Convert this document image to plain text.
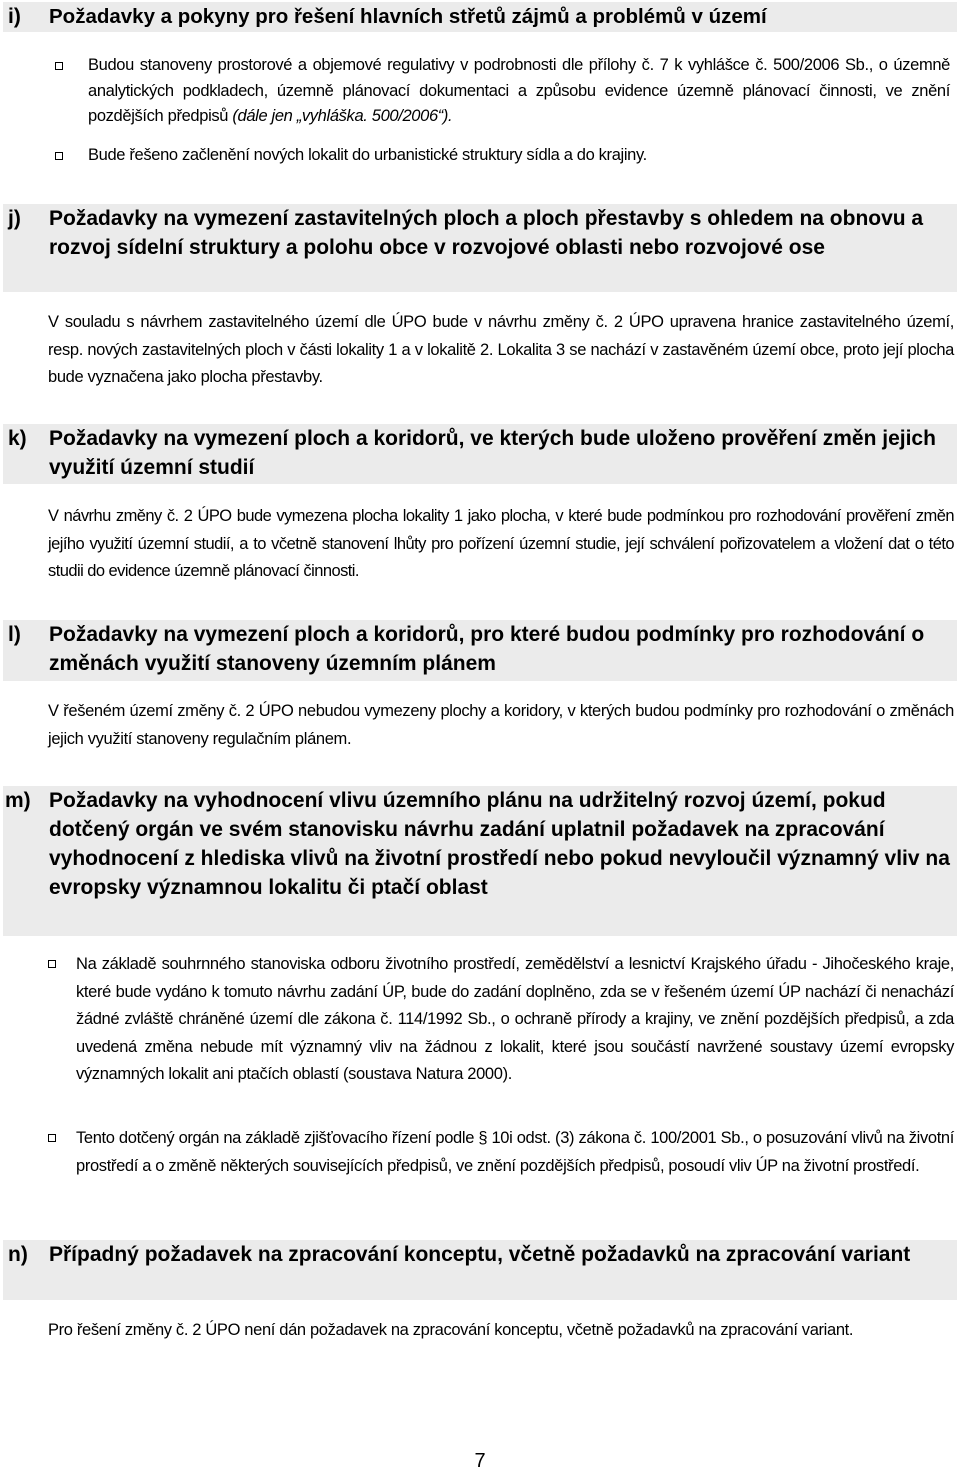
i)	Požadavky a pokyny pro řešení hlavních střetů zájmů a problémů v území
Budou stanoveny prostorové a objemové regulativy v podrobnosti dle přílohy č. 7 k vyhlášce č. 500/2006 Sb., o územně analytických podkladech, územně plánovací dokumentaci a způsobu evidence územně plánovací činnosti, ve znění pozdějších předpisů (dále jen „vyhláška. 500/2006“).
Bude řešeno začlenění nových lokalit do urbanistické struktury sídla a do krajiny.
j)	Požadavky na vymezení zastavitelných ploch a ploch přestavby s ohledem na obnovu a rozvoj sídelní struktury a polohu obce v rozvojové oblasti nebo rozvojové ose

V souladu s návrhem zastavitelného území dle ÚPO bude v návrhu změny č. 2 ÚPO upravena hranice zastavitelného území, resp. nových zastavitelných ploch v části lokality 1 a v lokalitě 2. Lokalita 3 se nachází v zastavěném území obce, proto její plocha bude vyznačena jako plocha přestavby.

k)	Požadavky na vymezení ploch a koridorů, ve kterých bude uloženo prověření změn jejich využití územní studií

V návrhu změny č. 2 ÚPO bude vymezena plocha lokality 1 jako plocha, v které bude podmínkou pro rozhodování prověření změn jejího využití územní studií, a to včetně stanovení lhůty pro pořízení územní studie, její schválení pořizovatelem a vložení dat o této studii do evidence územně plánovací činnosti.

l)	Požadavky na vymezení ploch a koridorů, pro které budou podmínky pro rozhodování o změnách využití stanoveny územním plánem

V řešeném území změny č. 2 ÚPO nebudou vymezeny plochy a koridory, v kterých budou podmínky pro rozhodování o změnách jejich využití stanoveny regulačním plánem.

m) Požadavky na vyhodnocení vlivu územního plánu na udržitelný rozvoj území, pokud dotčený orgán ve svém stanovisku návrhu zadání uplatnil požadavek na zpracování vyhodnocení z hlediska vlivů na životní prostředí nebo pokud nevyloučil významný vliv na evropsky významnou lokalitu či ptačí oblast
Na základě souhrnného stanoviska odboru životního prostředí, zemědělství a lesnictví Krajského úřadu - Jihočeského kraje, které bude vydáno k tomuto návrhu zadání ÚP, bude do zadání doplněno, zda se v řešeném území ÚP nachází či nenachází žádné zvláště chráněné území dle zákona č. 114/1992 Sb., o ochraně přírody a krajiny, ve znění pozdějších předpisů, a zda uvedená změna nebude mít významný vliv na žádnou z lokalit, které jsou součástí navržené soustavy území evropsky významných lokalit ani ptačích oblastí (soustava Natura 2000).
Tento dotčený orgán na základě zjišťovacího řízení podle § 10i odst. (3) zákona č. 100/2001 Sb., o posuzování vlivů na životní prostředí a o změně některých souvisejících předpisů, ve znění pozdějších předpisů, posoudí vliv ÚP na životní prostředí.
n)	Případný požadavek na zpracování konceptu, včetně požadavků na zpracování variant

Pro řešení změny č. 2 ÚPO není dán požadavek na zpracování konceptu, včetně požadavků na zpracování variant.

7
